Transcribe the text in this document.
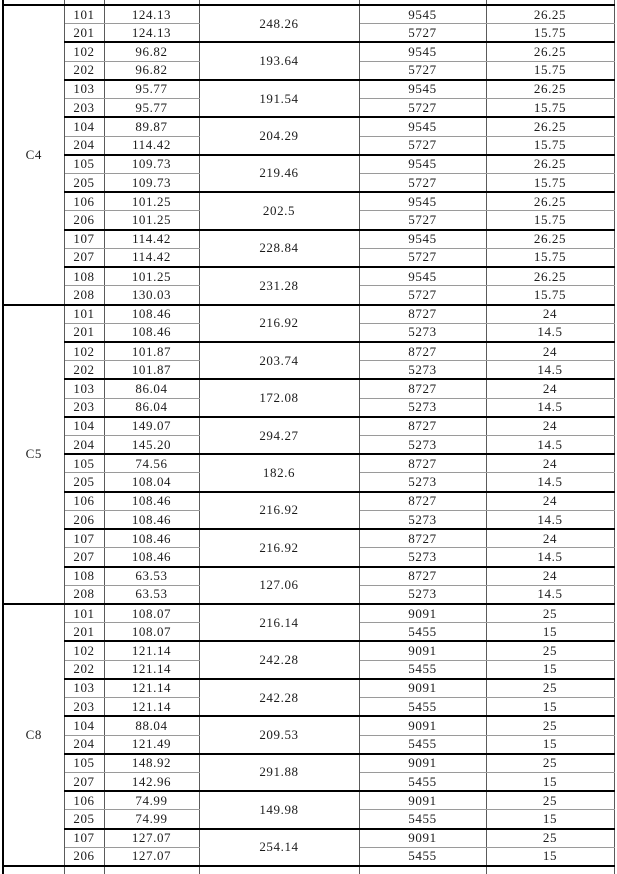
C4	101	124.13	248.26	9545	26.25
	201	124.13		5727	15.75
	102	96.82	193.64	9545	26.25
	202	96.82		5727	15.75
	103	95.77	191.54	9545	26.25
	203	95.77		5727	15.75
	104	89.87	204.29	9545	26.25
	204	114.42		5727	15.75
	105	109.73	219.46	9545	26.25
	205	109.73		5727	15.75
	106	101.25	202.5	9545	26.25
	206	101.25		5727	15.75
	107	114.42	228.84	9545	26.25
	207	114.42		5727	15.75
	108	101.25	231.28	9545	26.25
	208	130.03		5727	15.75
C5	101	108.46	216.92	8727	24
	201	108.46		5273	14.5
	102	101.87	203.74	8727	24
	202	101.87		5273	14.5
	103	86.04	172.08	8727	24
	203	86.04		5273	14.5
	104	149.07	294.27	8727	24
	204	145.20		5273	14.5
	105	74.56	182.6	8727	24
	205	108.04		5273	14.5
	106	108.46	216.92	8727	24
	206	108.46		5273	14.5
	107	108.46	216.92	8727	24
	207	108.46		5273	14.5
	108	63.53	127.06	8727	24
	208	63.53		5273	14.5
C8	101	108.07	216.14	9091	25
	201	108.07		5455	15
	102	121.14	242.28	9091	25
	202	121.14		5455	15
	103	121.14	242.28	9091	25
	203	121.14		5455	15
	104	88.04	209.53	9091	25
	204	121.49		5455	15
	105	148.92	291.88	9091	25
	207	142.96		5455	15
	106	74.99	149.98	9091	25
	205	74.99		5455	15
	107	127.07	254.14	9091	25
	206	127.07		5455	15
